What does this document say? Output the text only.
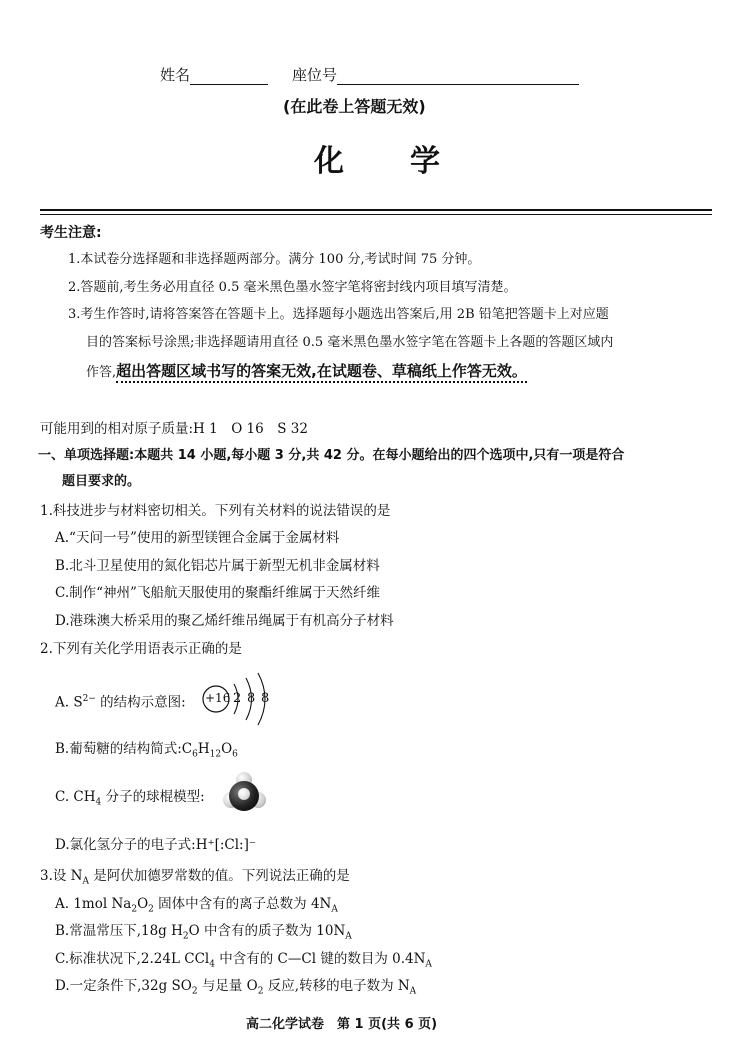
姓名	座位号
(在此卷上答题无效)
化　　学
考生注意:
1.本试卷分选择题和非选择题两部分。满分 100 分,考试时间 75 分钟。
2.答题前,考生务必用直径 0.5 毫米黑色墨水签字笔将密封线内项目填写清楚。
3.考生作答时,请将答案答在答题卡上。选择题每小题选出答案后,用 2B 铅笔把答题卡上对应题
目的答案标号涂黑;非选择题请用直径 0.5 毫米黑色墨水签字笔在答题卡上各题的答题区域内
作答,超出答题区域书写的答案无效,在试题卷、草稿纸上作答无效。
可能用到的相对原子质量:H 1　O 16　S 32
一、单项选择题:本题共 14 小题,每小题 3 分,共 42 分。在每小题给出的四个选项中,只有一项是符合
题目要求的。
1.科技进步与材料密切相关。下列有关材料的说法错误的是
A.“天问一号”使用的新型镁锂合金属于金属材料
B.北斗卫星使用的氮化铝芯片属于新型无机非金属材料
C.制作“神州”飞船航天服使用的聚酯纤维属于天然纤维
D.港珠澳大桥采用的聚乙烯纤维吊绳属于有机高分子材料
2.下列有关化学用语表示正确的是
A. $S^{2-}$ 的结构示意图: +16 2 8 8
B.葡萄糖的结构简式$:C_6H_{12}O_6$
C. $CH_4$ 分子的球棍模型:
D.氯化氢分子的电子式:H⁺[:Cl:]⁻
3.设 $N_A$ 是阿伏加德罗常数的值。下列说法正确的是
A. 1mol $Na_2O_2$ 固体中含有的离子总数为 $4N_A$
B.常温常压下,18g $H_2O$ 中含有的质子数为 $10N_A$
C.标准状况下,2.24L CCl$_4$ 中含有的 C—Cl 键的数目为 $0.4N_A$
D.一定条件下,32g $SO_2$ 与足量 $O_2$ 反应,转移的电子数为 $N_A$
高二化学试卷　第 1 页(共 6 页)
